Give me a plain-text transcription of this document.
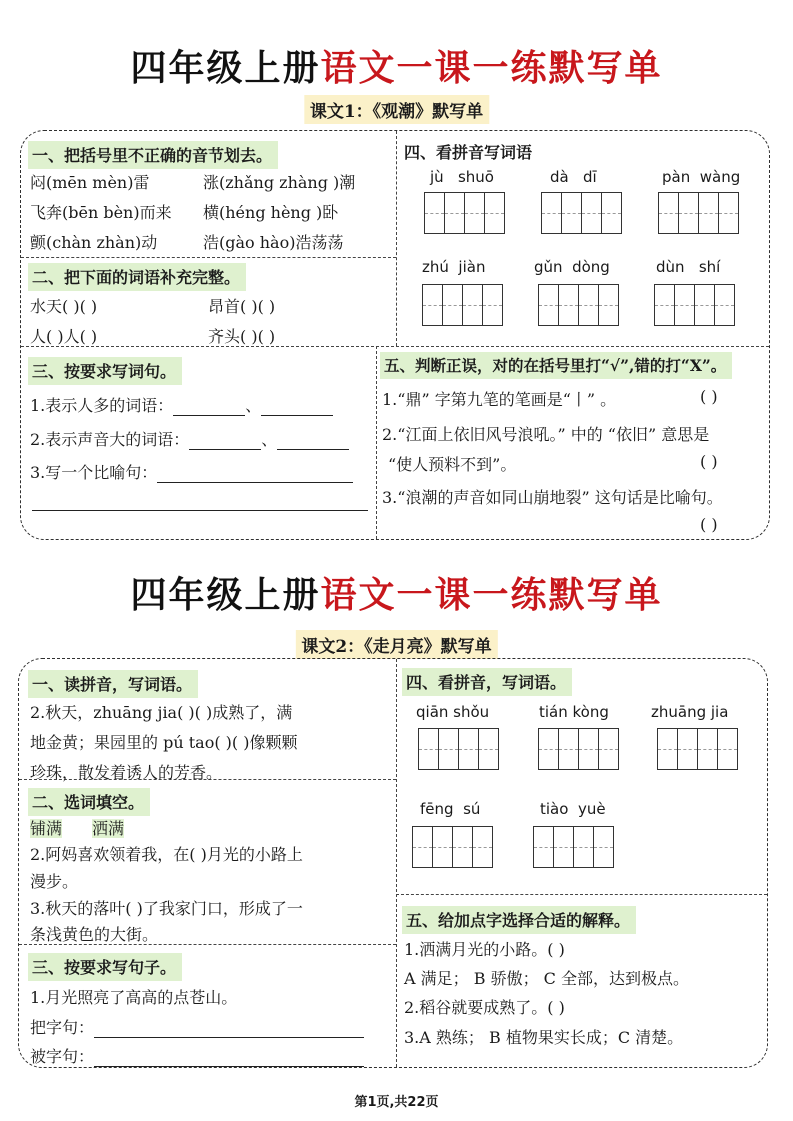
四年级上册语文一课一练默写单
课文1：《观潮》默写单
一、把括号里不正确的音节划去。
闷(mēn mèn)雷	涨(zhǎng zhàng )潮
飞奔(bēn bèn)而来 横(héng hèng )卧
颤(chàn zhàn)动	浩(gào hào)浩荡荡
二、把下面的词语补充完整。
水天( )( )	昂首( )( )
人( )人( )	齐头( )( )
三、按要求写词句。
1.表示人多的词语：	、
2.表示声音大的词语：	、
3.写一个比喻句：
四、看拼音写词语
jù   shuō	dà   dī	pàn  wàng
zhú  jiàn	gǔn  dòng	dùn   shí
五、判断正误，对的在括号里打“√”,错的打“X”。
1.“鼎” 字第九笔的笔画是“丨” 。	( )
2.“江面上依旧风号浪吼。” 中的 “依旧” 意思是
“使人预料不到”。	( )
3.“浪潮的声音如同山崩地裂” 这句话是比喻句。
( )
四年级上册语文一课一练默写单
课文2：《走月亮》默写单
一、读拼音，写词语。
2.秋天，zhuāng jia( )( )成熟了，满
地金黄；果园里的 pú tao( )( )像颗颗
珍珠，散发着诱人的芳香。
二、选词填空。
铺满 洒满
2.阿妈喜欢领着我，在( )月光的小路上
漫步。
3.秋天的落叶( )了我家门口，形成了一
条浅黄色的大街。
三、按要求写句子。
1.月光照亮了高高的点苍山。
把字句：
被字句：
四、看拼音，写词语。
qiān shǒu	tián kòng	zhuāng jia
fēng  sú	tiào  yuè
五、给加点字选择合适的解释。
1.洒满月光的小路。( )
A 满足； B 骄傲； C 全部，达到极点。
2.稻谷就要成熟了。( )
3.A 熟练； B 植物果实长成；C 清楚。
第1页,共22页
